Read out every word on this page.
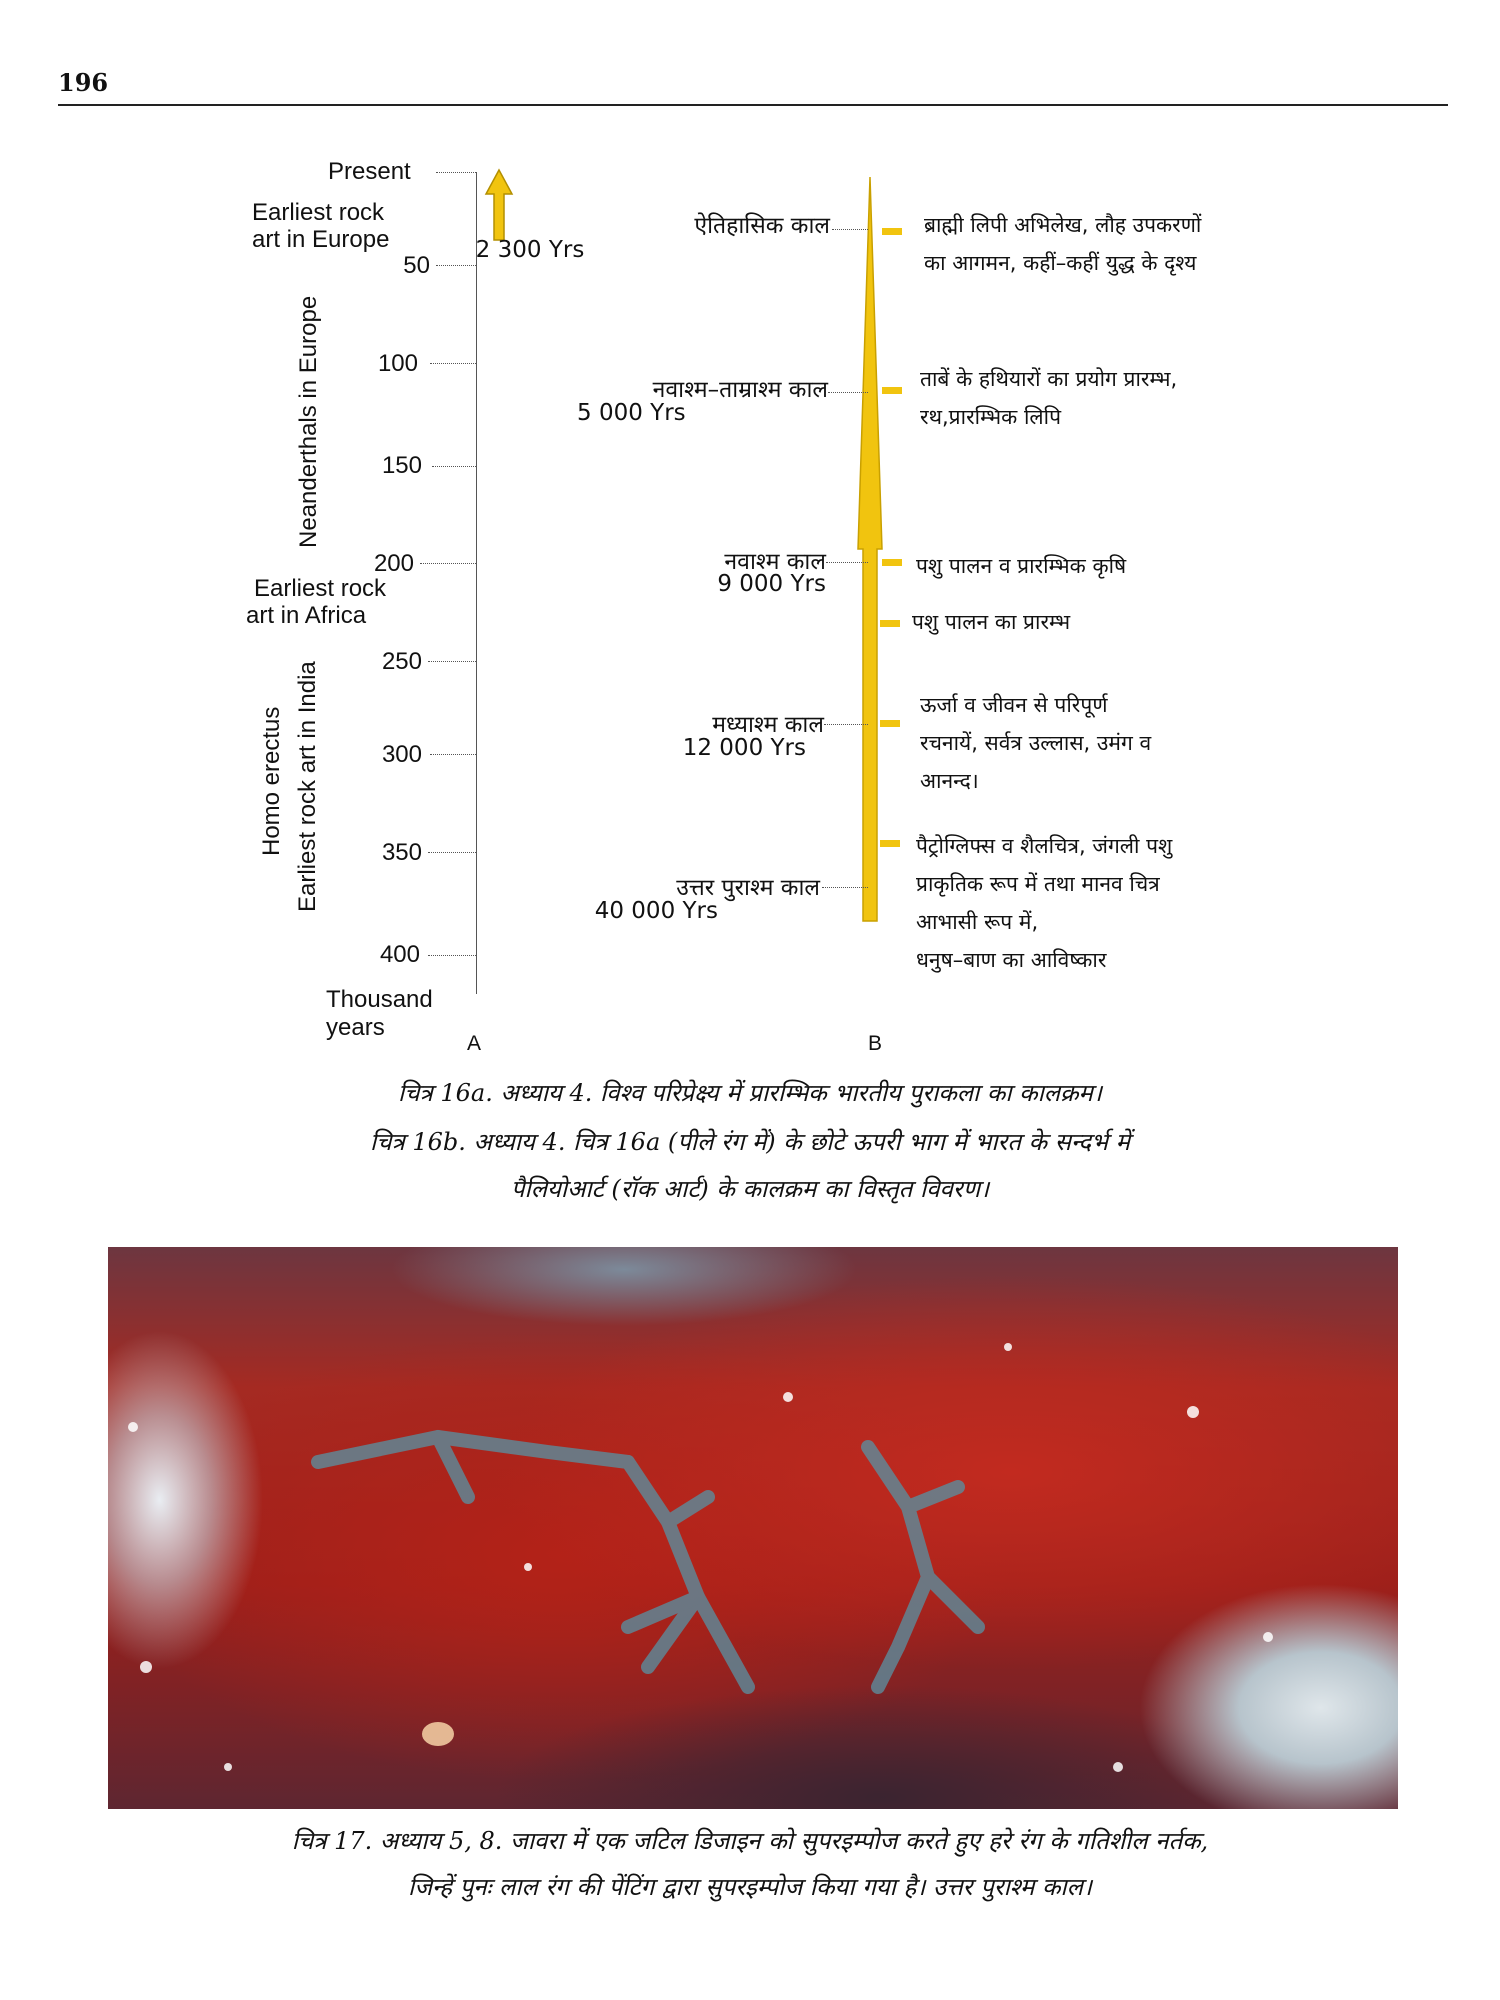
196
Present
Earliest rock
art in Europe
50
100
150
200
Earliest rock
art in Africa
250
300
350
400
Neanderthals in Europe
Homo erectus Earliest rock art in India
Thousand
years
A
ऐतिहासिक काल
2 300 Yrs
नवाश्म–ताम्राश्म काल
5 000 Yrs
नवाश्म काल
9 000 Yrs
मध्याश्म काल
12 000 Yrs
उत्तर पुराश्म काल
40 000 Yrs
ब्राह्मी लिपी अभिलेख, लौह उपकरणों
का आगमन, कहीं–कहीं युद्ध के दृश्य
ताबें के हथियारों का प्रयोग प्रारम्भ,
रथ,प्रारम्भिक लिपि
पशु पालन व प्रारम्भिक कृषि
पशु पालन का प्रारम्भ
ऊर्जा व जीवन से परिपूर्ण
रचनायें, सर्वत्र उल्लास, उमंग व
आनन्द।
पैट्रोग्लिफ्स व शैलचित्र, जंगली पशु
प्राकृतिक रूप में तथा मानव चित्र
आभासी रूप में,
धनुष–बाण का आविष्कार
B
चित्र 16a. अध्याय 4. विश्व परिप्रेक्ष्य में प्रारम्भिक भारतीय पुराकला का कालक्रम।
चित्र 16b. अध्याय 4. चित्र 16a (पीले रंग में) के छोटे ऊपरी भाग में भारत के सन्दर्भ में
पैलियोआर्ट (रॉक आर्ट) के कालक्रम का विस्तृत विवरण।
चित्र 17. अध्याय 5, 8. जावरा में एक जटिल डिजाइन को सुपरइम्पोज करते हुए हरे रंग के गतिशील नर्तक,
जिन्हें पुनः लाल रंग की पेंटिंग द्वारा सुपरइम्पोज किया गया है। उत्तर पुराश्म काल।
